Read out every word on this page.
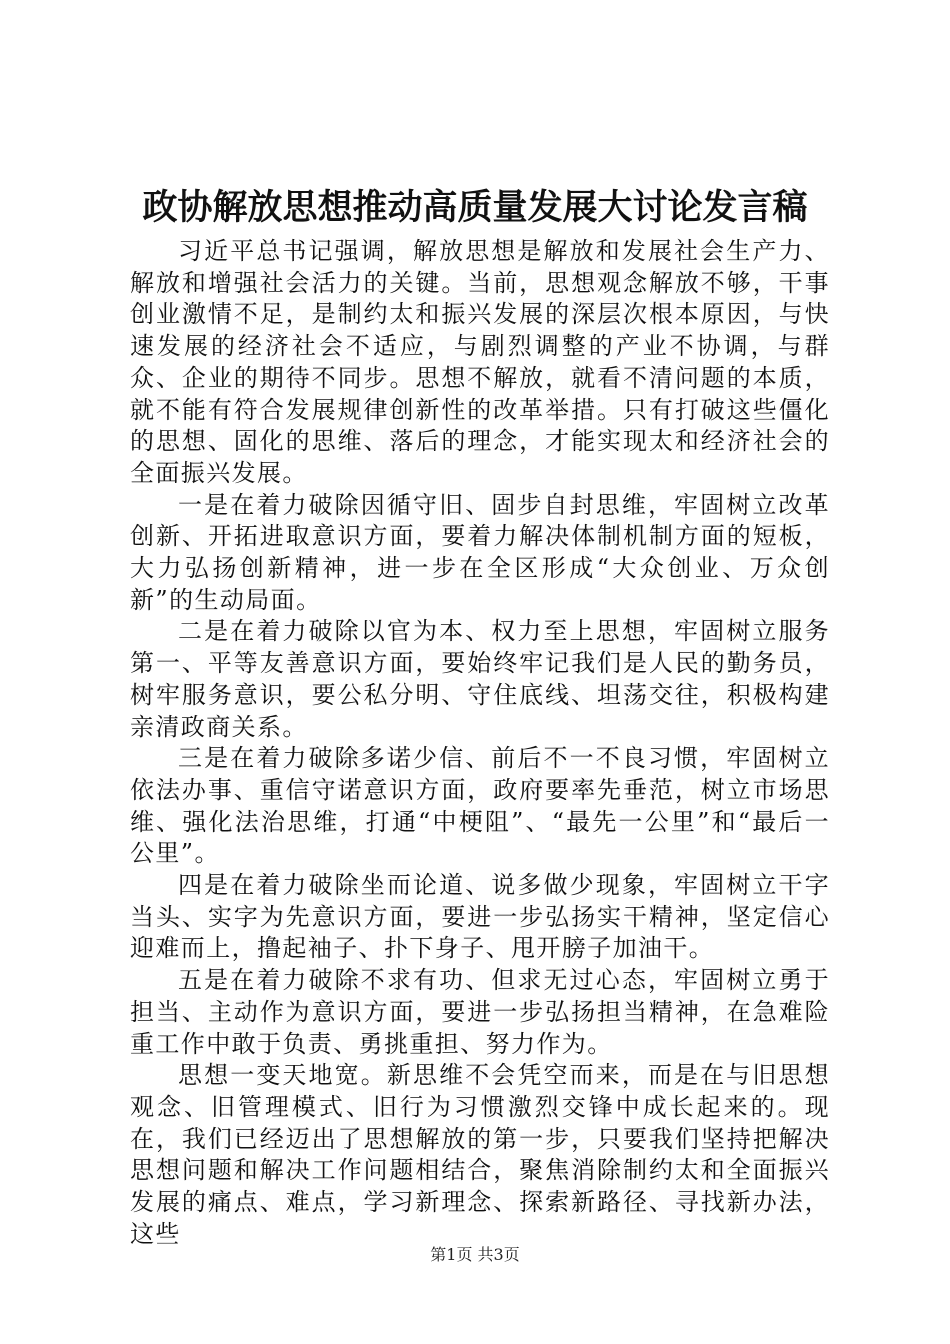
政协解放思想推动高质量发展大讨论发言稿

习近平总书记强调，解放思想是解放和发展社会生产力、解放和增强社会活力的关键。当前，思想观念解放不够，干事创业激情不足，是制约太和振兴发展的深层次根本原因，与快速发展的经济社会不适应，与剧烈调整的产业不协调，与群众、企业的期待不同步。思想不解放，就看不清问题的本质，就不能有符合发展规律创新性的改革举措。只有打破这些僵化的思想、固化的思维、落后的理念，才能实现太和经济社会的全面振兴发展。

一是在着力破除因循守旧、固步自封思维，牢固树立改革创新、开拓进取意识方面，要着力解决体制机制方面的短板，大力弘扬创新精神，进一步在全区形成“大众创业、万众创新”的生动局面。

二是在着力破除以官为本、权力至上思想，牢固树立服务第一、平等友善意识方面，要始终牢记我们是人民的勤务员，树牢服务意识，要公私分明、守住底线、坦荡交往，积极构建亲清政商关系。

三是在着力破除多诺少信、前后不一不良习惯，牢固树立依法办事、重信守诺意识方面，政府要率先垂范，树立市场思维、强化法治思维，打通“中梗阻”、“最先一公里”和“最后一公里”。

四是在着力破除坐而论道、说多做少现象，牢固树立干字当头、实字为先意识方面，要进一步弘扬实干精神，坚定信心迎难而上，撸起袖子、扑下身子、甩开膀子加油干。

五是在着力破除不求有功、但求无过心态，牢固树立勇于担当、主动作为意识方面，要进一步弘扬担当精神，在急难险重工作中敢于负责、勇挑重担、努力作为。

思想一变天地宽。新思维不会凭空而来，而是在与旧思想观念、旧管理模式、旧行为习惯激烈交锋中成长起来的。现在，我们已经迈出了思想解放的第一步，只要我们坚持把解决思想问题和解决工作问题相结合，聚焦消除制约太和全面振兴发展的痛点、难点，学习新理念、探索新路径、寻找新办法，这些

第1页 共3页
